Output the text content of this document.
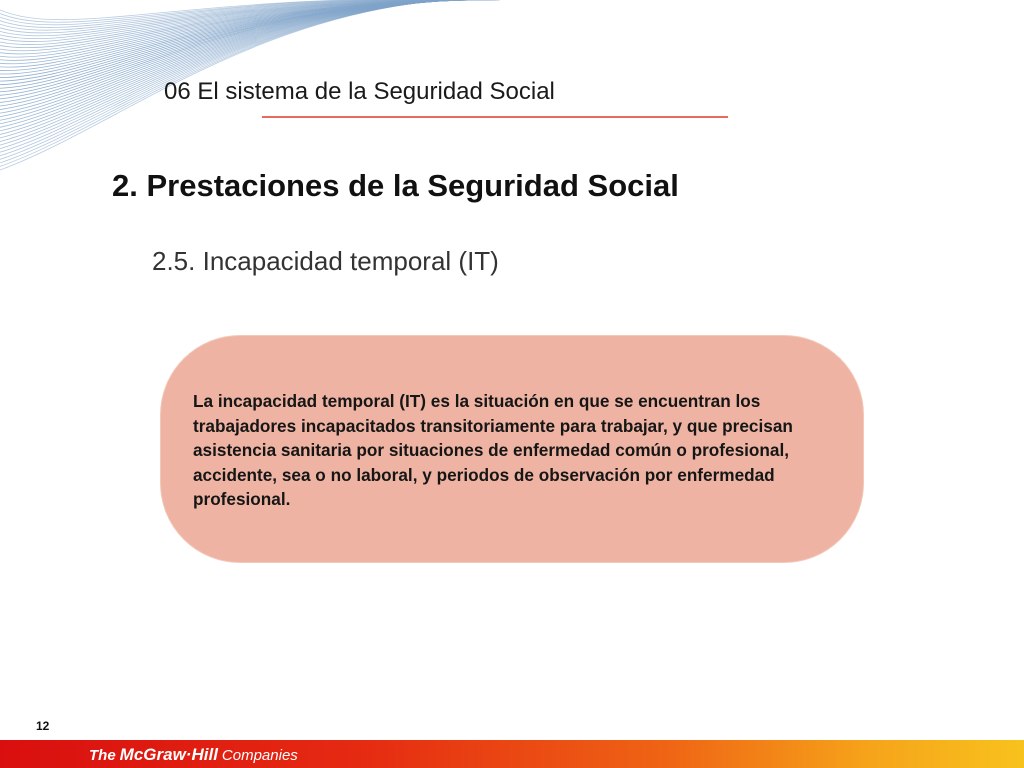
06 El sistema de la Seguridad Social
2. Prestaciones de la Seguridad Social
2.5. Incapacidad temporal (IT)
La incapacidad temporal (IT) es la situación en que se encuentran los trabajadores incapacitados transitoriamente para trabajar, y que precisan asistencia sanitaria por situaciones de enfermedad común o profesional, accidente, sea o no laboral, y periodos de observación por enfermedad profesional.
12
The McGraw·Hill Companies
